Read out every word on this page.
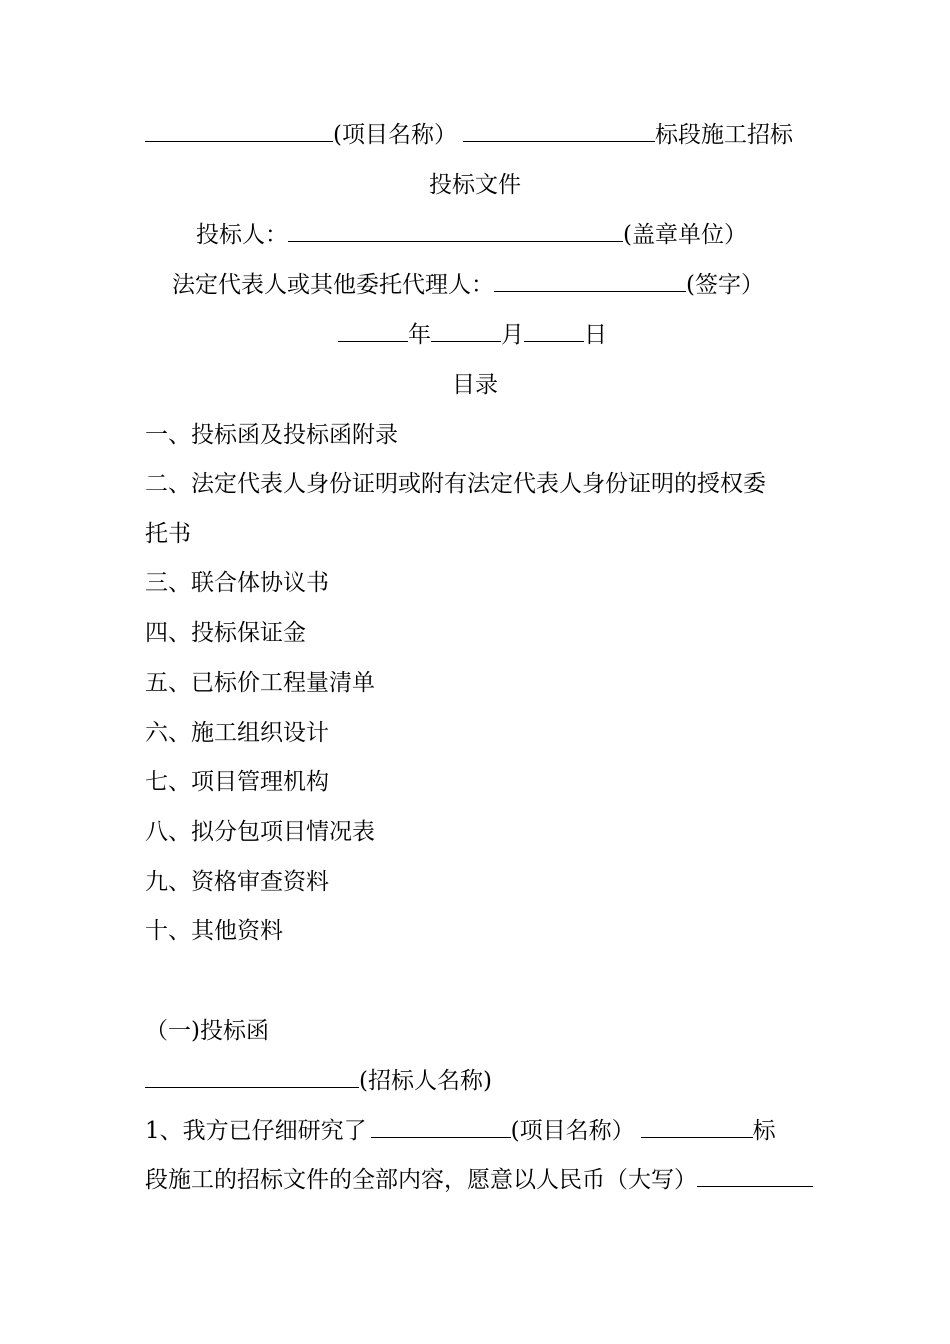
(项目名称）	标段施工招标
投标文件
投标人：	(盖章单位）
法定代表人或其他委托代理人：	(签字）
年	月	日
目录
一、投标函及投标函附录
二、法定代表人身份证明或附有法定代表人身份证明的授权委
托书
三、联合体协议书
四、投标保证金
五、已标价工程量清单
六、施工组织设计
七、项目管理机构
八、拟分包项目情况表
九、资格审查资料
十、其他资料
（一)投标函
(招标人名称)
1、我方已仔细研究了	(项目名称）	标
段施工的招标文件的全部内容，愿意以人民币（大写）
